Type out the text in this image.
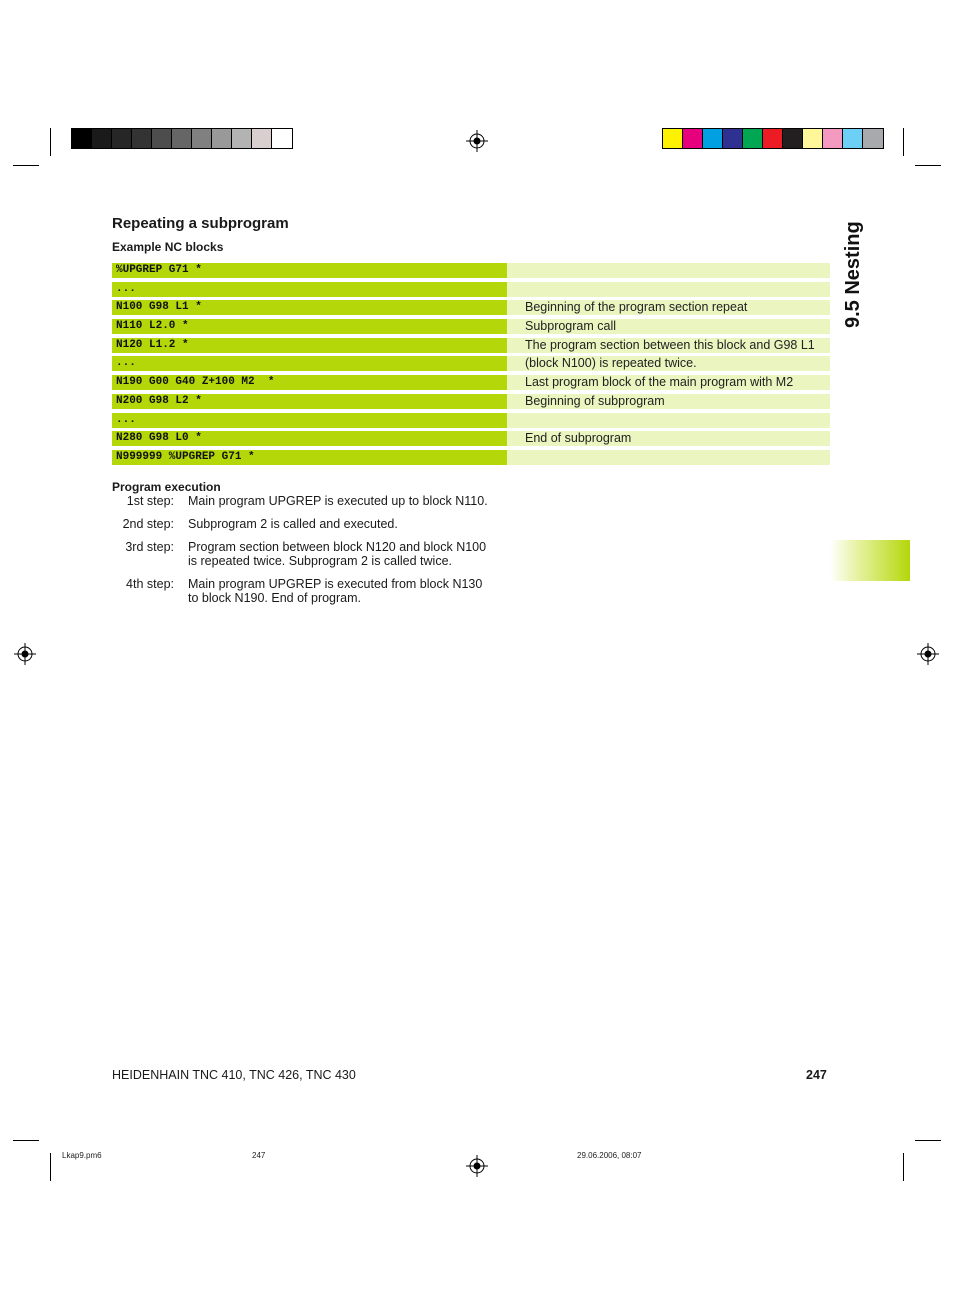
9.5 Nesting
Repeating a subprogram
Example NC blocks
%UPGREP G71 *
...
N100 G98 L1 *	Beginning of the program section repeat
N110 L2.0 *	Subprogram call
N120 L1.2 *	The program section between this block and G98 L1
...	(block N100) is repeated twice.
N190 G00 G40 Z+100 M2  *	Last program block of the main program with M2
N200 G98 L2 *	Beginning of subprogram
...
N280 G98 L0 *	End of subprogram
N999999 %UPGREP G71 *
Program execution
1st step:	Main program UPGREP is executed up to block N110.
2nd step:	Subprogram 2 is called and executed.
3rd step:	Program section between block N120 and block N100
is repeated twice. Subprogram 2 is called twice.
4th step:	Main program UPGREP is executed from block N130
to block N190. End of program.
HEIDENHAIN TNC 410, TNC 426, TNC 430	247
Lkap9.pm6	247	29.06.2006, 08:07
